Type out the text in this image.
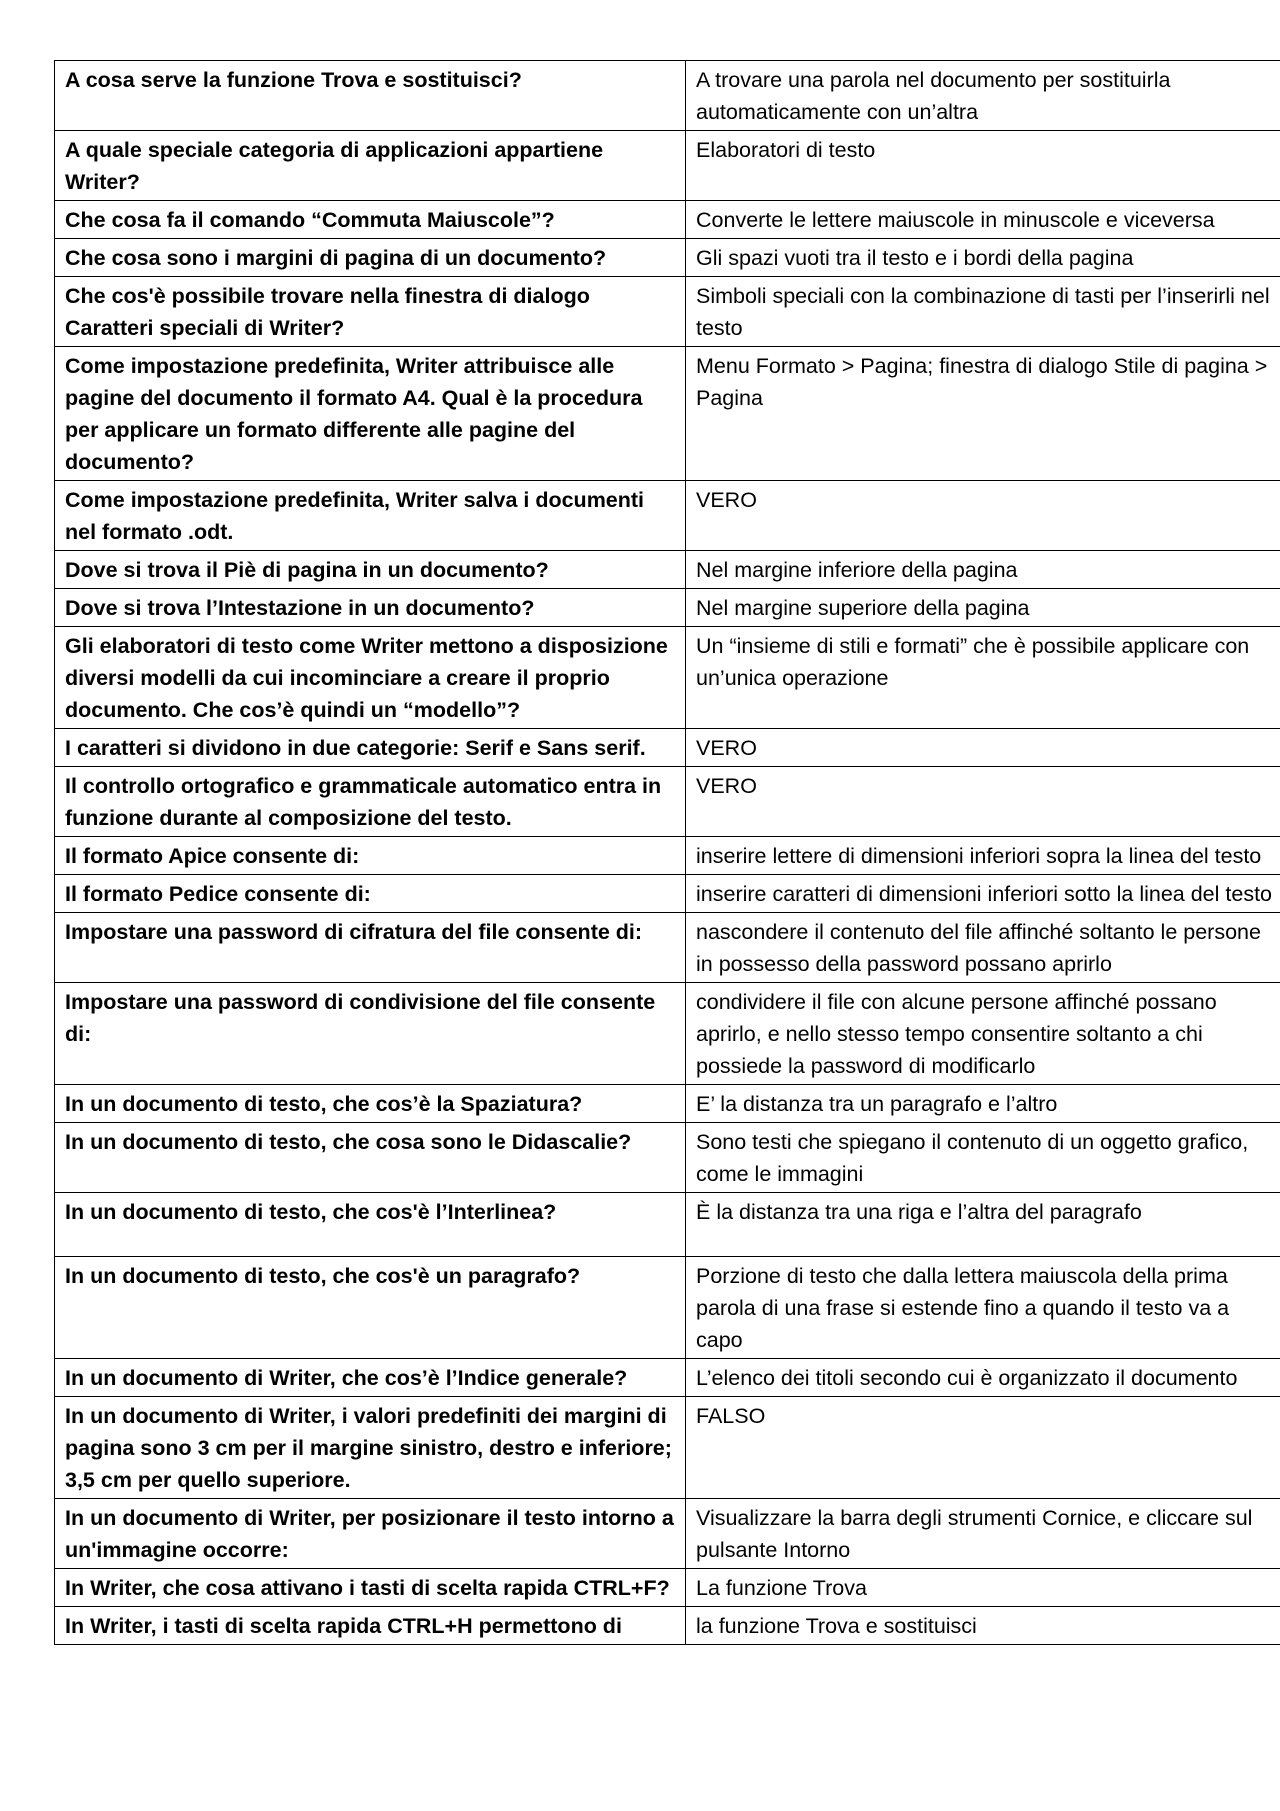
A cosa serve la funzione Trova e sostituisci?	A trovare una parola nel documento per sostituirla automaticamente con un’altra
A quale speciale categoria di applicazioni appartiene Writer?	Elaboratori di testo
Che cosa fa il comando “Commuta Maiuscole”?	Converte le lettere maiuscole in minuscole e viceversa
Che cosa sono i margini di pagina di un documento?	Gli spazi vuoti tra il testo e i bordi della pagina
Che cos'è possibile trovare nella finestra di dialogo Caratteri speciali di Writer?	Simboli speciali con la combinazione di tasti per l’inserirli nel testo
Come impostazione predefinita, Writer attribuisce alle pagine del documento il formato A4. Qual è la procedura per applicare un formato differente alle pagine del documento?	Menu Formato > Pagina; finestra di dialogo Stile di pagina > Pagina
Come impostazione predefinita, Writer salva i documenti nel formato .odt.	VERO
Dove si trova il Piè di pagina in un documento?	Nel margine inferiore della pagina
Dove si trova l’Intestazione in un documento?	Nel margine superiore della pagina
Gli elaboratori di testo come Writer mettono a disposizione diversi modelli da cui incominciare a creare il proprio documento. Che cos’è quindi un “modello”?	Un “insieme di stili e formati” che è possibile applicare con un’unica operazione
I caratteri si dividono in due categorie: Serif e Sans serif.	VERO
Il controllo ortografico e grammaticale automatico entra in funzione durante al composizione del testo.	VERO
Il formato Apice consente di:	inserire lettere di dimensioni inferiori sopra la linea del testo
Il formato Pedice consente di:	inserire caratteri di dimensioni inferiori sotto la linea del testo
Impostare una password di cifratura del file consente di:	nascondere il contenuto del file affinché soltanto le persone in possesso della password possano aprirlo
Impostare una password di condivisione del file consente di:	condividere il file con alcune persone affinché possano aprirlo, e nello stesso tempo consentire soltanto a chi possiede la password di modificarlo
In un documento di testo, che cos’è la Spaziatura?	E’ la distanza tra un paragrafo e l’altro
In un documento di testo, che cosa sono le Didascalie?	Sono testi che spiegano il contenuto di un oggetto grafico, come le immagini
In un documento di testo, che cos'è l’Interlinea?	È la distanza tra una riga e l’altra del paragrafo
In un documento di testo, che cos'è un paragrafo?	Porzione di testo che dalla lettera maiuscola della prima parola di una frase si estende fino a quando il testo va a capo
In un documento di Writer, che cos’è l’Indice generale?	L’elenco dei titoli secondo cui è organizzato il documento
In un documento di Writer, i valori predefiniti dei margini di pagina sono 3 cm per il margine sinistro, destro e inferiore; 3,5 cm per quello superiore.	FALSO
In un documento di Writer, per posizionare il testo intorno a un'immagine occorre:	Visualizzare la barra degli strumenti Cornice, e cliccare sul pulsante Intorno
In Writer, che cosa attivano i tasti di scelta rapida CTRL+F?	La funzione Trova
In Writer, i tasti di scelta rapida CTRL+H permettono di	la funzione Trova e sostituisci
